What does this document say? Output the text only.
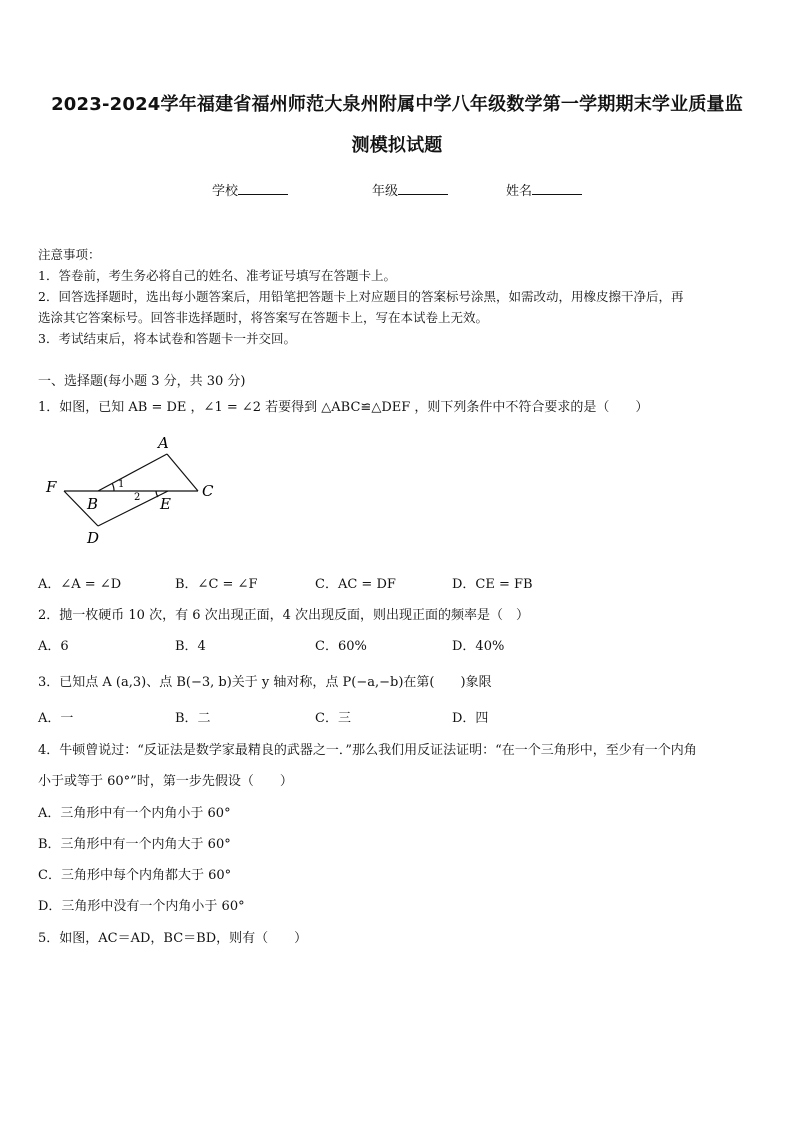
2023-2024学年福建省福州师范大泉州附属中学八年级数学第一学期期末学业质量监
测模拟试题
学校	年级	姓名
注意事项：
1．答卷前，考生务必将自己的姓名、准考证号填写在答题卡上。
2．回答选择题时，选出每小题答案后，用铅笔把答题卡上对应题目的答案标号涂黑，如需改动，用橡皮擦干净后，再
选涂其它答案标号。回答非选择题时，将答案写在答题卡上，写在本试卷上无效。
3．考试结束后，将本试卷和答题卡一并交回。
一、选择题(每小题 3 分，共 30 分)
1．如图，已知 AB = DE ，∠1 = ∠2 若要得到 △ABC≌△DEF ，则下列条件中不符合要求的是（　　）
A
F	C
B	E
D
1
2
A．∠A = ∠D	B．∠C = ∠F	C．AC = DF	D．CE = FB
2．抛一枚硬币 10 次，有 6 次出现正面，4 次出现反面，则出现正面的频率是（　）
A．6	B．4	C．60%	D．40%
3．已知点 A (a,3)、点 B(−3, b)关于 y 轴对称，点 P(−a,−b)在第(　　)象限
A．一	B．二	C．三	D．四
4．牛顿曾说过：“反证法是数学家最精良的武器之一．”那么我们用反证法证明：“在一个三角形中，至少有一个内角
小于或等于 60°”时，第一步先假设（　　）
A．三角形中有一个内角小于 60°
B．三角形中有一个内角大于 60°
C．三角形中每个内角都大于 60°
D．三角形中没有一个内角小于 60°
5．如图，AC＝AD，BC＝BD，则有（　　）
